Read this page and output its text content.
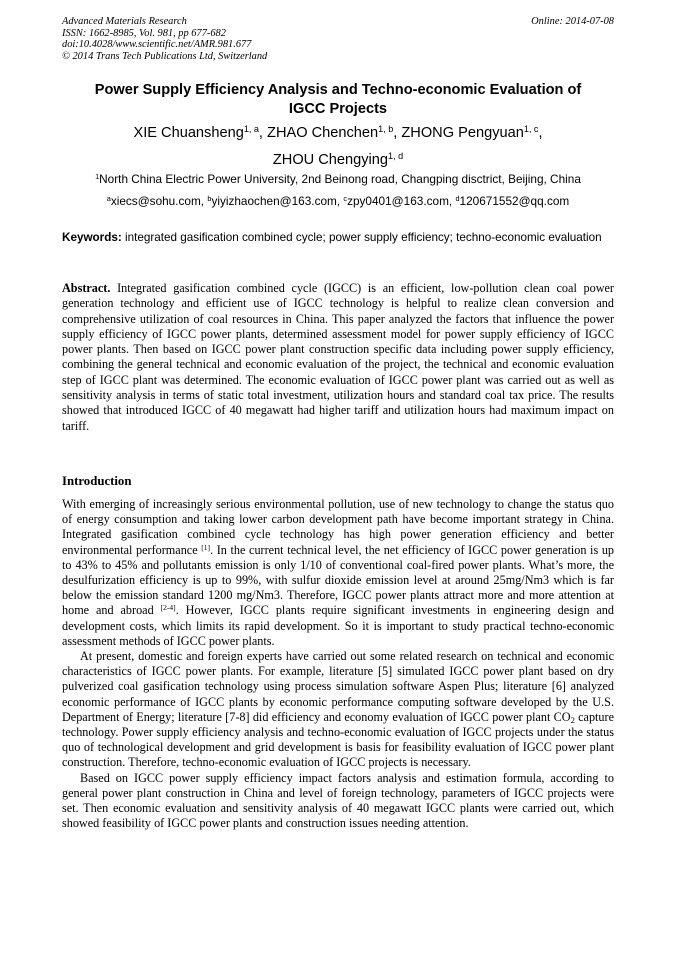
Advanced Materials Research
ISSN: 1662-8985, Vol. 981, pp 677-682
doi:10.4028/www.scientific.net/AMR.981.677
© 2014 Trans Tech Publications Ltd, Switzerland
Online: 2014-07-08
Power Supply Efficiency Analysis and Techno-economic Evaluation of
IGCC Projects
XIE Chuansheng$^{1, a}$, ZHAO Chenchen$^{1, b}$, ZHONG Pengyuan$^{1, c}$,
ZHOU Chengying$^{1, d}$
$^1$North China Electric Power University, 2nd Beinong road, Changping disctrict, Beijing, China
$^a$xiecs@sohu.com, $^b$yiyizhaochen@163.com, $^c$zpy0401@163.com, $^d$120671552@qq.com
Keywords: integrated gasification combined cycle; power supply efficiency; techno-economic evaluation

Abstract. Integrated gasification combined cycle (IGCC) is an efficient, low-pollution clean coal power generation technology and efficient use of IGCC technology is helpful to realize clean conversion and comprehensive utilization of coal resources in China. This paper analyzed the factors that influence the power supply efficiency of IGCC power plants, determined assessment model for power supply efficiency of IGCC power plants. Then based on IGCC power plant construction specific data including power supply efficiency, combining the general technical and economic evaluation of the project, the technical and economic evaluation step of IGCC plant was determined. The economic evaluation of IGCC power plant was carried out as well as sensitivity analysis in terms of static total investment, utilization hours and standard coal tax price. The results showed that introduced IGCC of 40 megawatt had higher tariff and utilization hours had maximum impact on tariff.

Introduction

With emerging of increasingly serious environmental pollution, use of new technology to change the status quo of energy consumption and taking lower carbon development path have become important strategy in China. Integrated gasification combined cycle technology has high power generation efficiency and better environmental performance [1]. In the current technical level, the net efficiency of IGCC power generation is up to 43% to 45% and pollutants emission is only 1/10 of conventional coal-fired power plants. What’s more, the desulfurization efficiency is up to 99%, with sulfur dioxide emission level at around 25mg/Nm3 which is far below the emission standard 1200 mg/Nm3. Therefore, IGCC power plants attract more and more attention at home and abroad [2-4]. However, IGCC plants require significant investments in engineering design and development costs, which limits its rapid development. So it is important to study practical techno-economic assessment methods of IGCC power plants.

At present, domestic and foreign experts have carried out some related research on technical and economic characteristics of IGCC power plants. For example, literature [5] simulated IGCC power plant based on dry pulverized coal gasification technology using process simulation software Aspen Plus; literature [6] analyzed economic performance of IGCC plants by economic performance computing software developed by the U.S. Department of Energy; literature [7-8] did efficiency and economy evaluation of IGCC power plant $CO_2$ capture technology. Power supply efficiency analysis and techno-economic evaluation of IGCC projects under the status quo of technological development and grid development is basis for feasibility evaluation of IGCC power plant construction. Therefore, techno-economic evaluation of IGCC projects is necessary.

Based on IGCC power supply efficiency impact factors analysis and estimation formula, according to general power plant construction in China and level of foreign technology, parameters of IGCC projects were set. Then economic evaluation and sensitivity analysis of 40 megawatt IGCC plants were carried out, which showed feasibility of IGCC power plants and construction issues needing attention.
